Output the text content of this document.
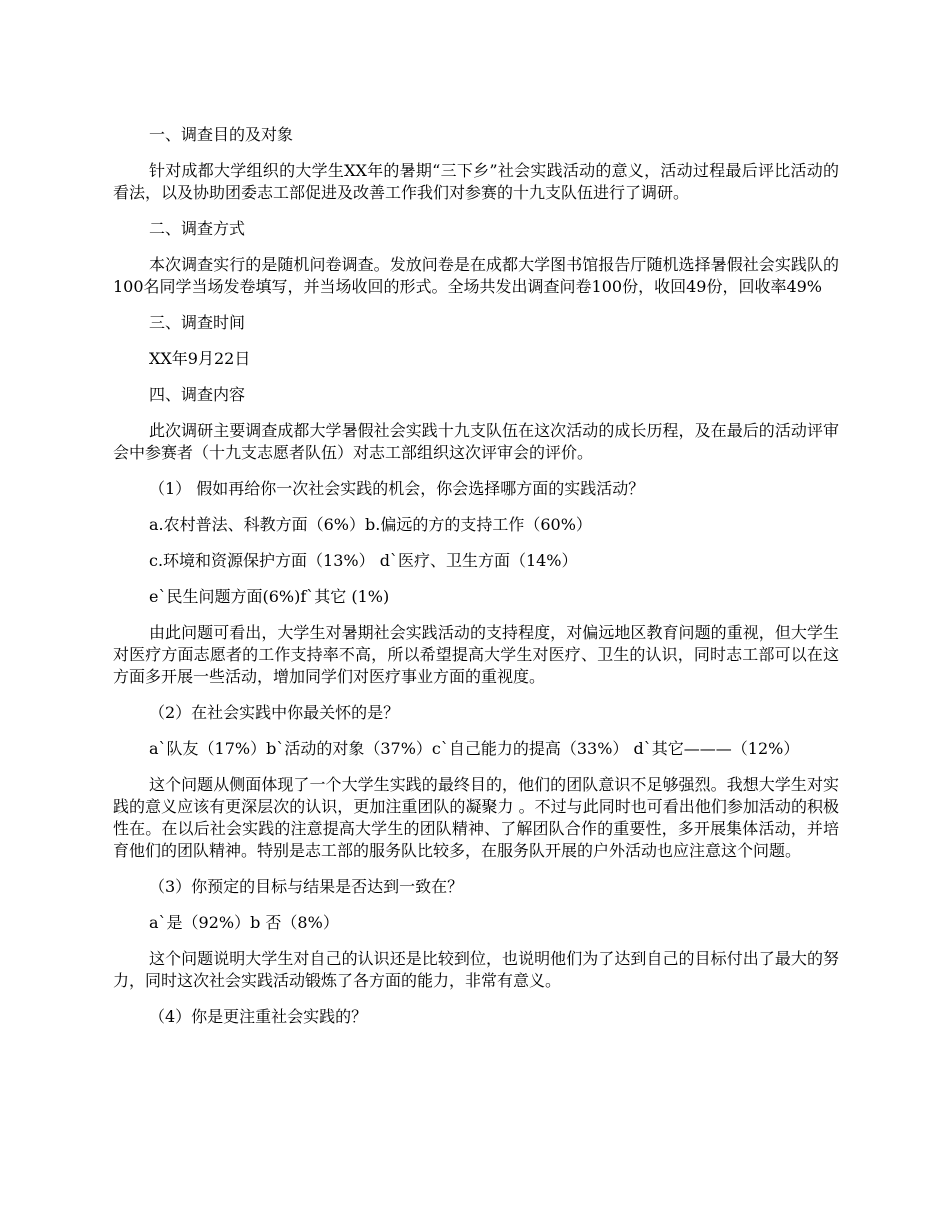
一、调查目的及对象

针对成都大学组织的大学生XX年的暑期“三下乡”社会实践活动的意义，活动过程最后评比活动的看法，以及协助团委志工部促进及改善工作我们对参赛的十九支队伍进行了调研。

二、调查方式

本次调查实行的是随机问卷调查。发放问卷是在成都大学图书馆报告厅随机选择暑假社会实践队的100名同学当场发卷填写，并当场收回的形式。全场共发出调查问卷100份，收回49份，回收率49%

三、调查时间

XX年9月22日

四、调查内容

此次调研主要调查成都大学暑假社会实践十九支队伍在这次活动的成长历程，及在最后的活动评审会中参赛者（十九支志愿者队伍）对志工部组织这次评审会的评价。

（1） 假如再给你一次社会实践的机会，你会选择哪方面的实践活动？

a.农村普法、科教方面（6%）b.偏远的方的支持工作（60%）

c.环境和资源保护方面（13%） d`医疗、卫生方面（14%）

e`民生问题方面(6%)f`其它 (1%)

由此问题可看出，大学生对暑期社会实践活动的支持程度，对偏远地区教育问题的重视，但大学生对医疗方面志愿者的工作支持率不高，所以希望提高大学生对医疗、卫生的认识，同时志工部可以在这方面多开展一些活动，增加同学们对医疗事业方面的重视度。

（2）在社会实践中你最关怀的是？

a`队友（17%）b`活动的对象（37%）c`自己能力的提高（33%） d`其它———（12%）

这个问题从侧面体现了一个大学生实践的最终目的，他们的团队意识不足够强烈。我想大学生对实践的意义应该有更深层次的认识，更加注重团队的凝聚力 。不过与此同时也可看出他们参加活动的积极性在。在以后社会实践的注意提高大学生的团队精神、了解团队合作的重要性，多开展集体活动，并培育他们的团队精神。特别是志工部的服务队比较多，在服务队开展的户外活动也应注意这个问题。

（3）你预定的目标与结果是否达到一致在？

a`是（92%）b 否（8%）

这个问题说明大学生对自己的认识还是比较到位，也说明他们为了达到自己的目标付出了最大的努力，同时这次社会实践活动锻炼了各方面的能力，非常有意义。

（4）你是更注重社会实践的？
